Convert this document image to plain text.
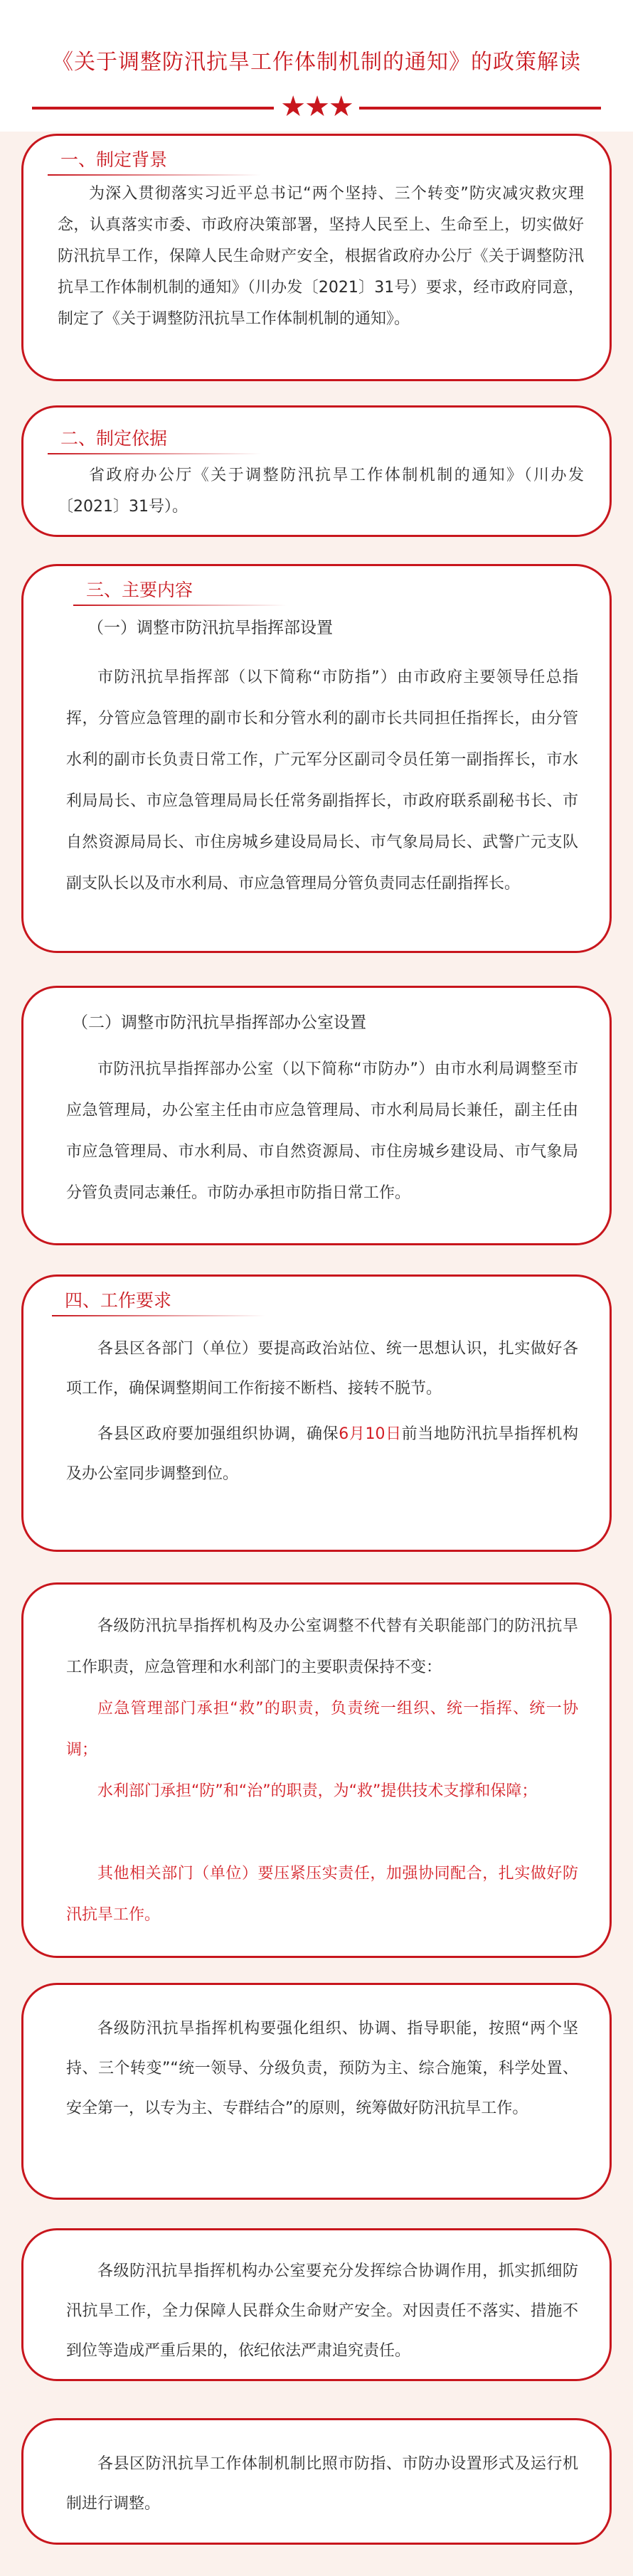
《关于调整防汛抗旱工作体制机制的通知》的政策解读
★★★
一、制定背景
为深入贯彻落实习近平总书记“两个坚持、三个转变”防灾减灾救灾理念，认真落实市委、市政府决策部署，坚持人民至上、生命至上，切实做好防汛抗旱工作，保障人民生命财产安全，根据省政府办公厅《关于调整防汛抗旱工作体制机制的通知》（川办发〔2021〕31号）要求，经市政府同意，制定了《关于调整防汛抗旱工作体制机制的通知》。
二、制定依据
省政府办公厅《关于调整防汛抗旱工作体制机制的通知》（川办发〔2021〕31号）。
三、主要内容
（一）调整市防汛抗旱指挥部设置
市防汛抗旱指挥部（以下简称“市防指”）由市政府主要领导任总指挥，分管应急管理的副市长和分管水利的副市长共同担任指挥长，由分管水利的副市长负责日常工作，广元军分区副司令员任第一副指挥长，市水利局局长、市应急管理局局长任常务副指挥长，市政府联系副秘书长、市自然资源局局长、市住房城乡建设局局长、市气象局局长、武警广元支队副支队长以及市水利局、市应急管理局分管负责同志任副指挥长。
（二）调整市防汛抗旱指挥部办公室设置
市防汛抗旱指挥部办公室（以下简称“市防办”）由市水利局调整至市应急管理局，办公室主任由市应急管理局、市水利局局长兼任，副主任由市应急管理局、市水利局、市自然资源局、市住房城乡建设局、市气象局分管负责同志兼任。市防办承担市防指日常工作。
四、工作要求
各县区各部门（单位）要提高政治站位、统一思想认识，扎实做好各项工作，确保调整期间工作衔接不断档、接转不脱节。
各县区政府要加强组织协调，确保6月10日前当地防汛抗旱指挥机构及办公室同步调整到位。
各级防汛抗旱指挥机构及办公室调整不代替有关职能部门的防汛抗旱工作职责，应急管理和水利部门的主要职责保持不变：
应急管理部门承担“救”的职责，负责统一组织、统一指挥、统一协调；
水利部门承担“防”和“治”的职责，为“救”提供技术支撑和保障；
其他相关部门（单位）要压紧压实责任，加强协同配合，扎实做好防汛抗旱工作。
各级防汛抗旱指挥机构要强化组织、协调、指导职能，按照“两个坚持、三个转变”“统一领导、分级负责，预防为主、综合施策，科学处置、安全第一，以专为主、专群结合”的原则，统筹做好防汛抗旱工作。
各级防汛抗旱指挥机构办公室要充分发挥综合协调作用，抓实抓细防汛抗旱工作，全力保障人民群众生命财产安全。对因责任不落实、措施不到位等造成严重后果的，依纪依法严肃追究责任。
各县区防汛抗旱工作体制机制比照市防指、市防办设置形式及运行机制进行调整。
